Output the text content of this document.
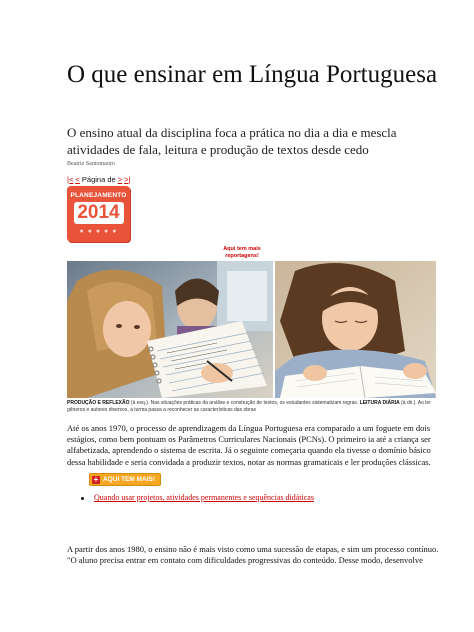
O que ensinar em Língua Portuguesa

O ensino atual da disciplina foca a prática no dia a dia e mescla atividades de fala, leitura e produção de textos desde cedo

Beatriz Santomauro
|< < Página de > >|
PLANEJAMENTO
2014
● ● ● ● ●
Aqui tem mais reportagens!
PRODUÇÃO E REFLEXÃO (à esq.). Nas situações práticas da análise e construção de textos, os estudantes sistematizam regras. LEITURA DIÁRIA (à dir.). Ao ler gêneros e autores diversos, a turma passa a reconhecer as características das obras

Até os anos 1970, o processo de aprendizagem da Língua Portuguesa era comparado a um foguete em dois estágios, como bem pontuam os Parâmetros Curriculares Nacionais (PCNs). O primeiro ia até a criança ser alfabetizada, aprendendo o sistema de escrita. Já o seguinte começaria quando ela tivesse o domínio básico dessa habilidade e seria convidada a produzir textos, notar as normas gramaticais e ler produções clássicas.

+ AQUI TEM MAIS!
Quando usar projetos, atividades permanentes e sequências didáticas

A partir dos anos 1980, o ensino não é mais visto como uma sucessão de etapas, e sim um processo contínuo. "O aluno precisa entrar em contato com dificuldades progressivas do conteúdo. Desse modo, desenvolve
